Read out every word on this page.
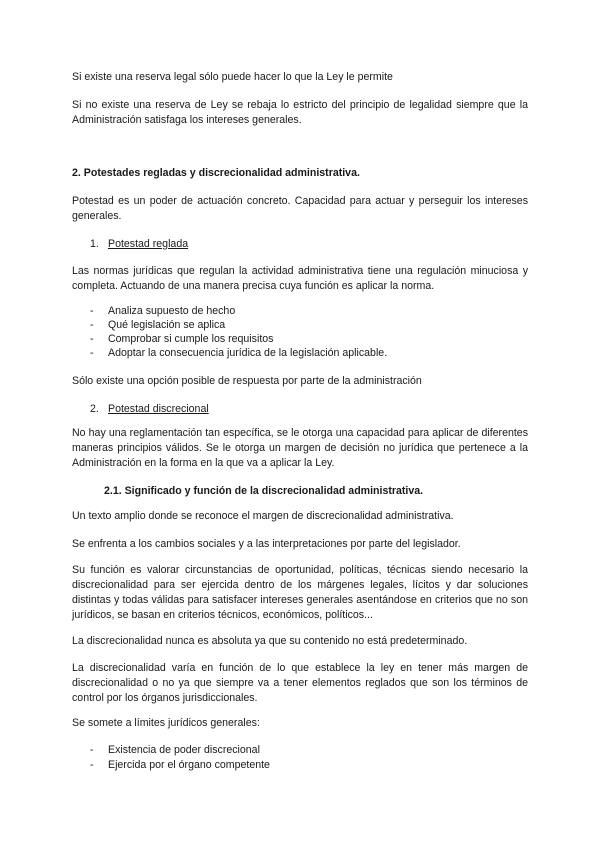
Si existe una reserva legal sólo puede hacer lo que la Ley le permite

Si no existe una reserva de Ley se rebaja lo estricto del principio de legalidad siempre que la Administración satisfaga los intereses generales.

2. Potestades regladas y discrecionalidad administrativa.

Potestad es un poder de actuación concreto. Capacidad para actuar y perseguir los intereses generales.

1. Potestad reglada

Las normas jurídicas que regulan la actividad administrativa tiene una regulación minuciosa y completa. Actuando de una manera precisa cuya función es aplicar la norma.

- Analiza supuesto de hecho
- Qué legislación se aplica
- Comprobar si cumple los requisitos
- Adoptar la consecuencia jurídica de la legislación aplicable.

Sólo existe una opción posible de respuesta por parte de la administración

2. Potestad discrecional

No hay una reglamentación tan específica, se le otorga una capacidad para aplicar de diferentes maneras principios válidos. Se le otorga un margen de decisión no jurídica que pertenece a la Administración en la forma en la que va a aplicar la Ley.

2.1. Significado y función de la discrecionalidad administrativa.

Un texto amplio donde se reconoce el margen de discrecionalidad administrativa.

Se enfrenta a los cambios sociales y a las interpretaciones por parte del legislador.

Su función es valorar circunstancias de oportunidad, políticas, técnicas siendo necesario la discrecionalidad para ser ejercida dentro de los márgenes legales, lícitos y dar soluciones distintas y todas válidas para satisfacer intereses generales asentándose en criterios que no son jurídicos, se basan en criterios técnicos, económicos, políticos...

La discrecionalidad nunca es absoluta ya que su contenido no está predeterminado.

La discrecionalidad varía en función de lo que establece la ley en tener más margen de discrecionalidad o no ya que siempre va a tener elementos reglados que son los términos de control por los órganos jurisdiccionales.

Se somete a límites jurídicos generales:

- Existencia de poder discrecional
- Ejercida por el órgano competente
